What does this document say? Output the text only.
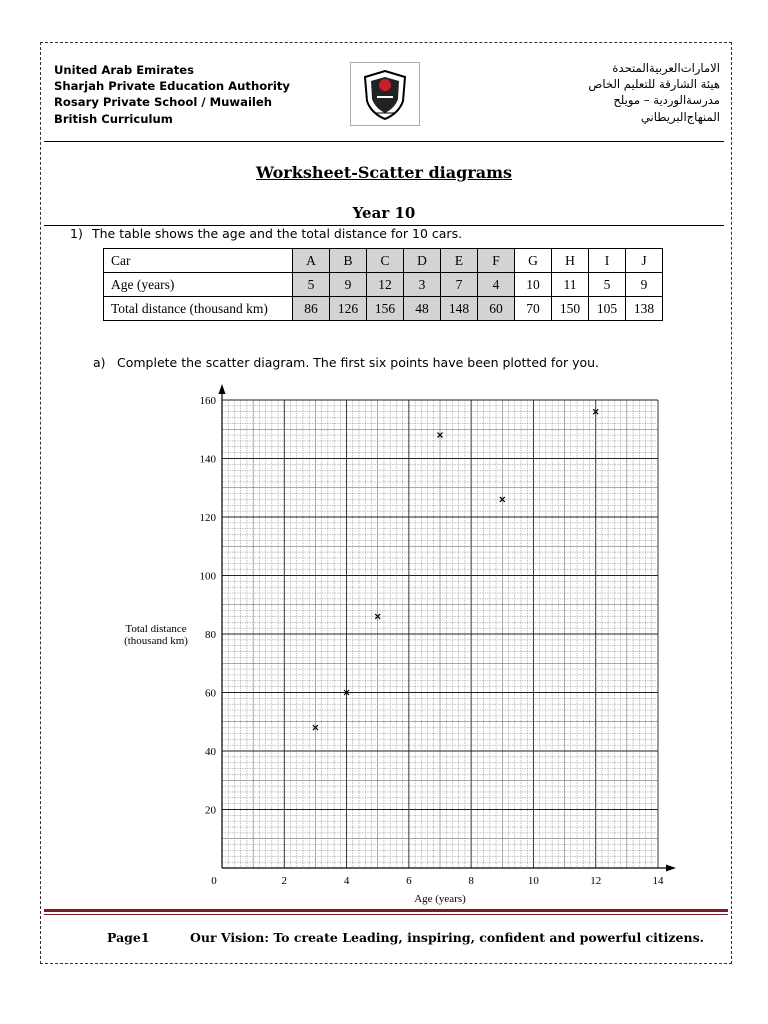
United Arab Emirates
Sharjah Private Education Authority
Rosary Private School / Muwaileh
British Curriculum
الامارات‌العربية‌المتحدة
هيئة الشارقة للتعليم الخاص
مدرسة‌الوردية – مويلح
المنهاج‌البريطاني
Worksheet-Scatter diagrams
Year 10
1) The table shows the age and the total distance for 10 cars.
Car	A	B	C	D	E	F	G	H	I	J
Age (years)	5	9	12	3	7	4	10	11	5	9
Total distance (thousand km)	86	126	156	48	148	60	70	150	105	138
a) Complete the scatter diagram. The first six points have been plotted for you.
0	2	4	6	8	10	12	14
20
40
60
80
100
120
140
160
Age (years)
Total distance
(thousand km)
Page1	Our Vision: To create Leading, inspiring, confident and powerful citizens.
